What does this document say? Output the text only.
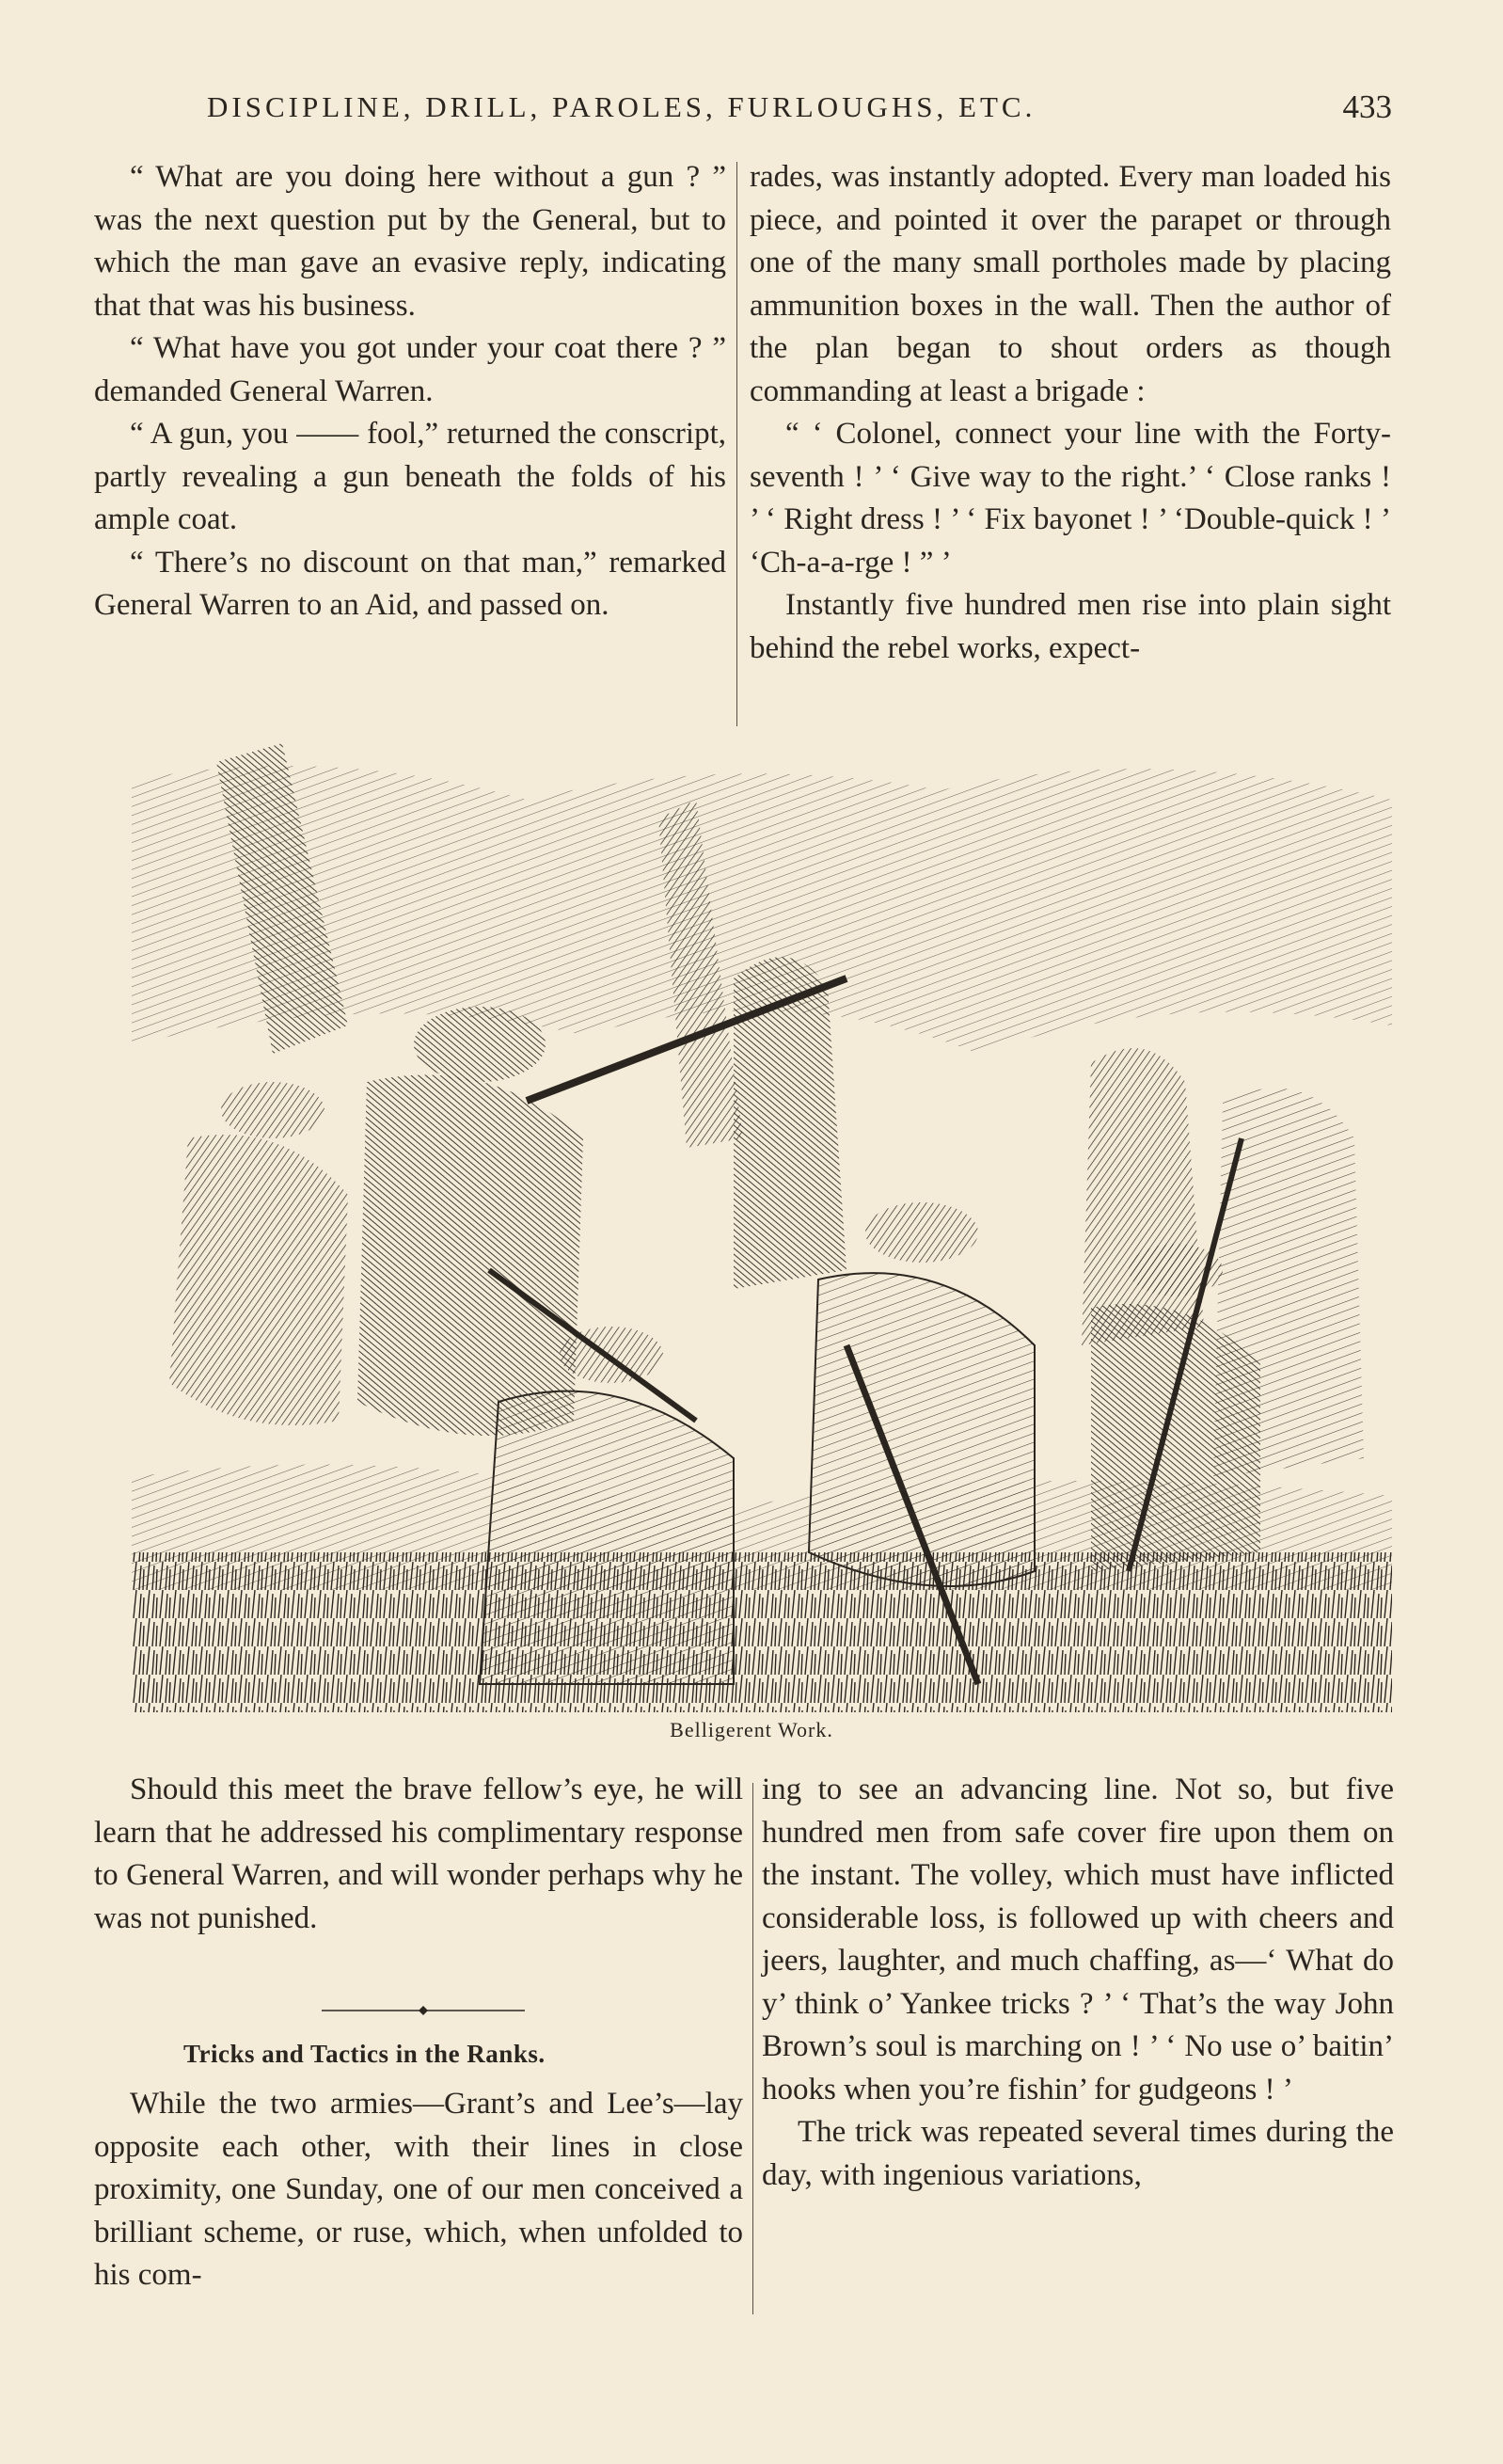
DISCIPLINE, DRILL, PAROLES, FURLOUGHS, ETC.	433

“ What are you doing here without a gun ? ” was the next question put by the General, but to which the man gave an evasive reply, indicating that that was his business.

“ What have you got under your coat there ? ” demanded General Warren.

“ A gun, you —— fool,” returned the conscript, partly revealing a gun beneath the folds of his ample coat.

“ There’s no discount on that man,” remarked General Warren to an Aid, and passed on.

rades, was instantly adopted. Every man loaded his piece, and pointed it over the parapet or through one of the many small portholes made by placing ammunition boxes in the wall. Then the author of the plan began to shout orders as though commanding at least a brigade :

“ ‘ Colonel, connect your line with the Forty-seventh ! ’ ‘ Give way to the right.’ ‘ Close ranks ! ’ ‘ Right dress ! ’ ‘ Fix bayonet ! ’ ‘Double-quick ! ’ ‘Ch-a-a-rge ! ” ’

Instantly five hundred men rise into plain sight behind the rebel works, expect-

Belligerent Work.

Should this meet the brave fellow’s eye, he will learn that he addressed his complimentary response to General Warren, and will wonder perhaps why he was not punished.

Tricks and Tactics in the Ranks.

While the two armies—Grant’s and Lee’s—lay opposite each other, with their lines in close proximity, one Sunday, one of our men conceived a brilliant scheme, or ruse, which, when unfolded to his com-

ing to see an advancing line. Not so, but five hundred men from safe cover fire upon them on the instant. The volley, which must have inflicted considerable loss, is followed up with cheers and jeers, laughter, and much chaffing, as—‘ What do y’ think o’ Yankee tricks ? ’ ‘ That’s the way John Brown’s soul is marching on ! ’ ‘ No use o’ baitin’ hooks when you’re fishin’ for gudgeons ! ’

The trick was repeated several times during the day, with ingenious variations,
